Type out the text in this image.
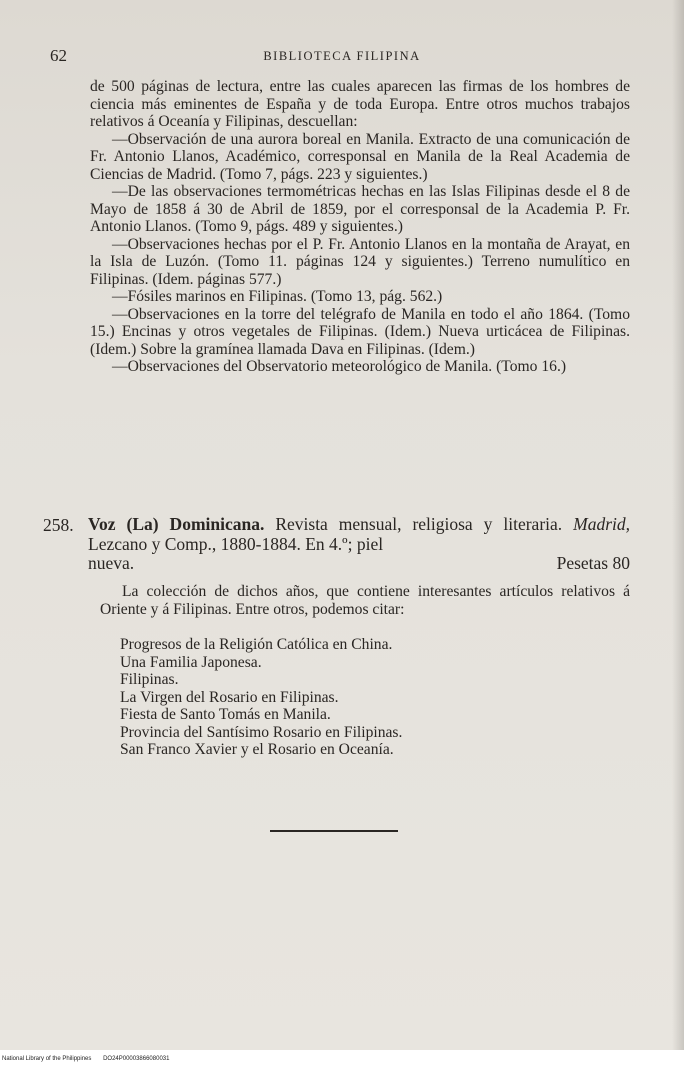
62	BIBLIOTECA FILIPINA

de 500 páginas de lectura, entre las cuales aparecen las firmas de los hombres de ciencia más eminentes de España y de toda Europa. Entre otros muchos trabajos relativos á Oceanía y Filipinas, descuellan:

—Observación de una aurora boreal en Manila. Extracto de una comunicación de Fr. Antonio Llanos, Académico, corresponsal en Manila de la Real Academia de Ciencias de Madrid. (Tomo 7, págs. 223 y siguientes.)

—De las observaciones termométricas hechas en las Islas Filipinas desde el 8 de Mayo de 1858 á 30 de Abril de 1859, por el corresponsal de la Academia P. Fr. Antonio Llanos. (Tomo 9, págs. 489 y siguientes.)

—Observaciones hechas por el P. Fr. Antonio Llanos en la montaña de Arayat, en la Isla de Luzón. (Tomo 11. páginas 124 y siguientes.) Terreno numulítico en Filipinas. (Idem. páginas 577.)

—Fósiles marinos en Filipinas. (Tomo 13, pág. 562.)

—Observaciones en la torre del telégrafo de Manila en todo el año 1864. (Tomo 15.) Encinas y otros vegetales de Filipinas. (Idem.) Nueva urticácea de Filipinas. (Idem.) Sobre la gramínea llamada Dava en Filipinas. (Idem.)

—Observaciones del Observatorio meteorológico de Manila. (Tomo 16.)

258. Voz (La) Dominicana. Revista mensual, religiosa y literaria. Madrid, Lezcano y Comp., 1880-1884. En 4.º; piel

nueva.	Pesetas 80

La colección de dichos años, que contiene interesantes artículos relativos á Oriente y á Filipinas. Entre otros, podemos citar:

Progresos de la Religión Católica en China.
Una Familia Japonesa.
Filipinas.
La Virgen del Rosario en Filipinas.
Fiesta de Santo Tomás en Manila.
Provincia del Santísimo Rosario en Filipinas.
San Franco Xavier y el Rosario en Oceanía.
National Library of the Philippines DO24P00003866080031
